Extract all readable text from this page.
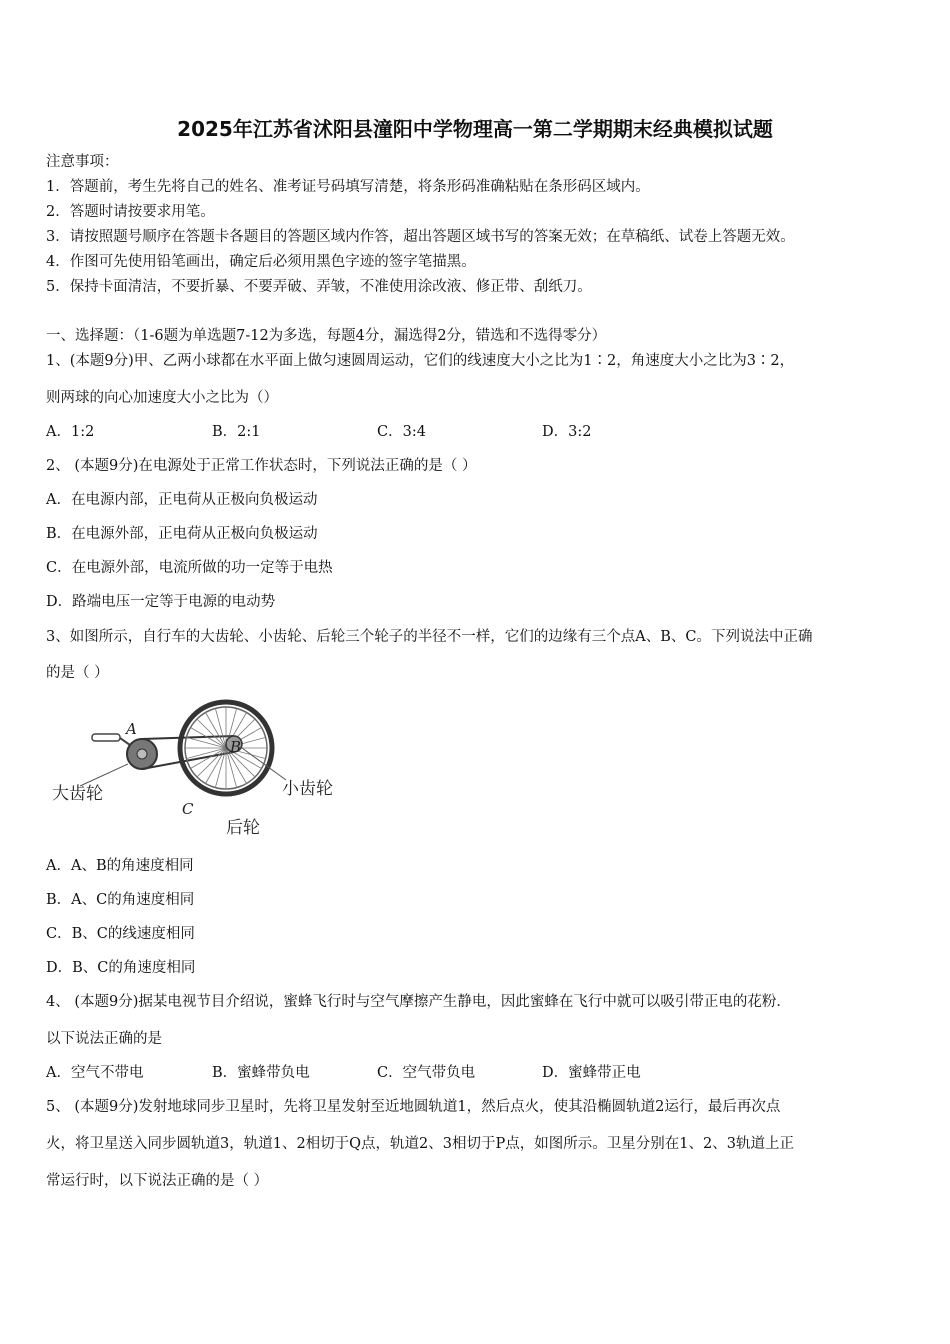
2025年江苏省沭阳县潼阳中学物理高一第二学期期末经典模拟试题
注意事项：
1．答题前，考生先将自己的姓名、准考证号码填写清楚，将条形码准确粘贴在条形码区域内。
2．答题时请按要求用笔。
3．请按照题号顺序在答题卡各题目的答题区域内作答，超出答题区域书写的答案无效；在草稿纸、试卷上答题无效。
4．作图可先使用铅笔画出，确定后必须用黑色字迹的签字笔描黑。
5．保持卡面清洁，不要折暴、不要弄破、弄皱，不准使用涂改液、修正带、刮纸刀。
一、选择题：（1-6题为单选题7-12为多选，每题4分，漏选得2分，错选和不选得零分）
1、(本题9分)甲、乙两小球都在水平面上做匀速圆周运动，它们的线速度大小之比为1∶2，角速度大小之比为3∶2，
则两球的向心加速度大小之比为（）
A．1:2	B．2:1	C．3:4	D．3:2
2、 (本题9分)在电源处于正常工作状态时，下列说法正确的是（ ）
A．在电源内部，正电荷从正极向负极运动
B．在电源外部，正电荷从正极向负极运动
C．在电源外部，电流所做的功一定等于电热
D．路端电压一定等于电源的电动势
3、如图所示，自行车的大齿轮、小齿轮、后轮三个轮子的半径不一样，它们的边缘有三个点A、B、C。下列说法中正确
的是（ ）
A
B
C
大齿轮	小齿轮
后轮
A．A、B的角速度相同
B．A、C的角速度相同
C．B、C的线速度相同
D．B、C的角速度相同
4、 (本题9分)据某电视节目介绍说，蜜蜂飞行时与空气摩擦产生静电，因此蜜蜂在飞行中就可以吸引带正电的花粉．
以下说法正确的是
A．空气不带电	B．蜜蜂带负电	C．空气带负电	D．蜜蜂带正电
5、 (本题9分)发射地球同步卫星时，先将卫星发射至近地圆轨道1，然后点火，使其沿椭圆轨道2运行，最后再次点
火，将卫星送入同步圆轨道3，轨道1、2相切于Q点，轨道2、3相切于P点，如图所示。卫星分别在1、2、3轨道上正
常运行时，以下说法正确的是（ ）
